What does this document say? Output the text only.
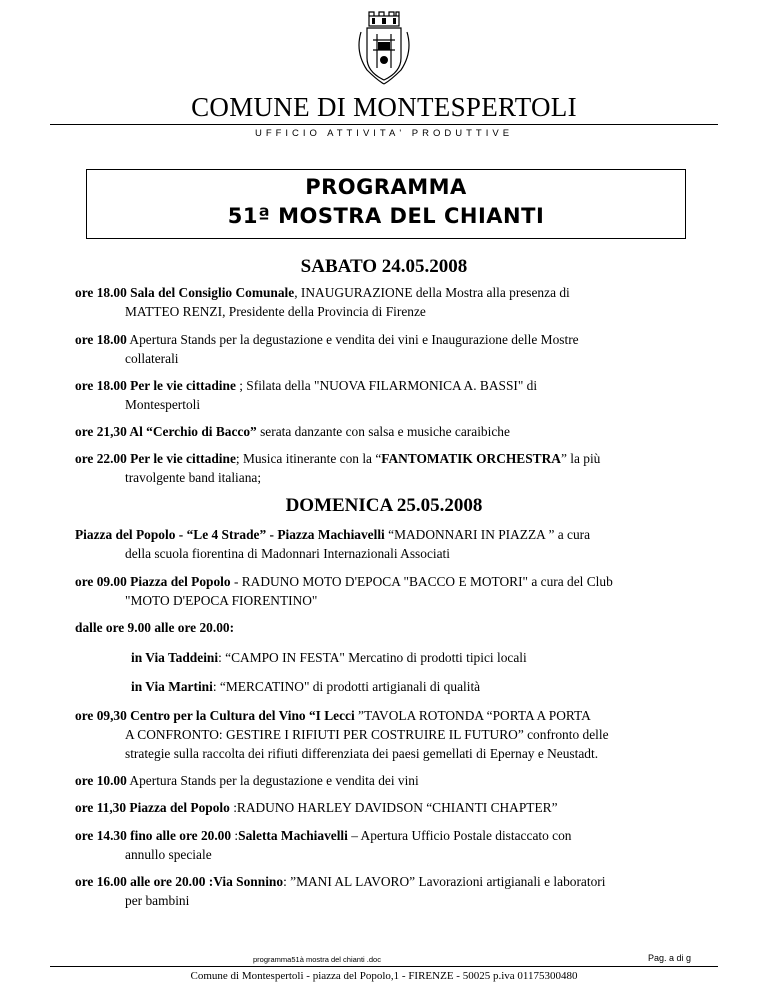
COMUNE DI MONTESPERTOLI
UFFICIO ATTIVITA' PRODUTTIVE
PROGRAMMA
51ª MOSTRA DEL CHIANTI
SABATO 24.05.2008

ore 18.00 Sala del Consiglio Comunale, INAUGURAZIONE della Mostra alla presenza di

MATTEO RENZI, Presidente della Provincia di Firenze

ore 18.00 Apertura Stands per la degustazione e vendita dei vini e Inaugurazione delle Mostre

collaterali

ore 18.00 Per le vie cittadine ; Sfilata della "NUOVA FILARMONICA A. BASSI" di

Montespertoli

ore 21,30 Al “Cerchio di Bacco” serata danzante con salsa e musiche caraibiche

ore 22.00 Per le vie cittadine; Musica itinerante con la “FANTOMATIK ORCHESTRA” la più

travolgente band italiana;

DOMENICA 25.05.2008

Piazza del Popolo - “Le 4 Strade” - Piazza Machiavelli “MADONNARI IN PIAZZA ” a cura

della scuola fiorentina di Madonnari Internazionali Associati

ore 09.00 Piazza del Popolo - RADUNO MOTO D'EPOCA "BACCO E MOTORI" a cura del Club

"MOTO D'EPOCA FIORENTINO"

dalle ore 9.00 alle ore 20.00:

in Via Taddeini: “CAMPO IN FESTA" Mercatino di prodotti tipici locali

in Via Martini: “MERCATINO" di prodotti artigianali di qualità

ore 09,30 Centro per la Cultura del Vino “I Lecci ”TAVOLA ROTONDA “PORTA A PORTA

A CONFRONTO: GESTIRE I RIFIUTI PER COSTRUIRE IL FUTURO” confronto delle

strategie sulla raccolta dei rifiuti differenziata dei paesi gemellati di Epernay e Neustadt.

ore 10.00 Apertura Stands per la degustazione e vendita dei vini

ore 11,30 Piazza del Popolo :RADUNO HARLEY DAVIDSON “CHIANTI CHAPTER”

ore 14.30 fino alle ore 20.00 :Saletta Machiavelli – Apertura Ufficio Postale distaccato con

annullo speciale

ore 16.00 alle ore 20.00 :Via Sonnino: ”MANI AL LAVORO” Lavorazioni artigianali e laboratori

per bambini

programma51à mostra del chianti .doc	Pag. a di g
Comune di Montespertoli - piazza del Popolo,1 - FIRENZE - 50025 p.iva 01175300480
